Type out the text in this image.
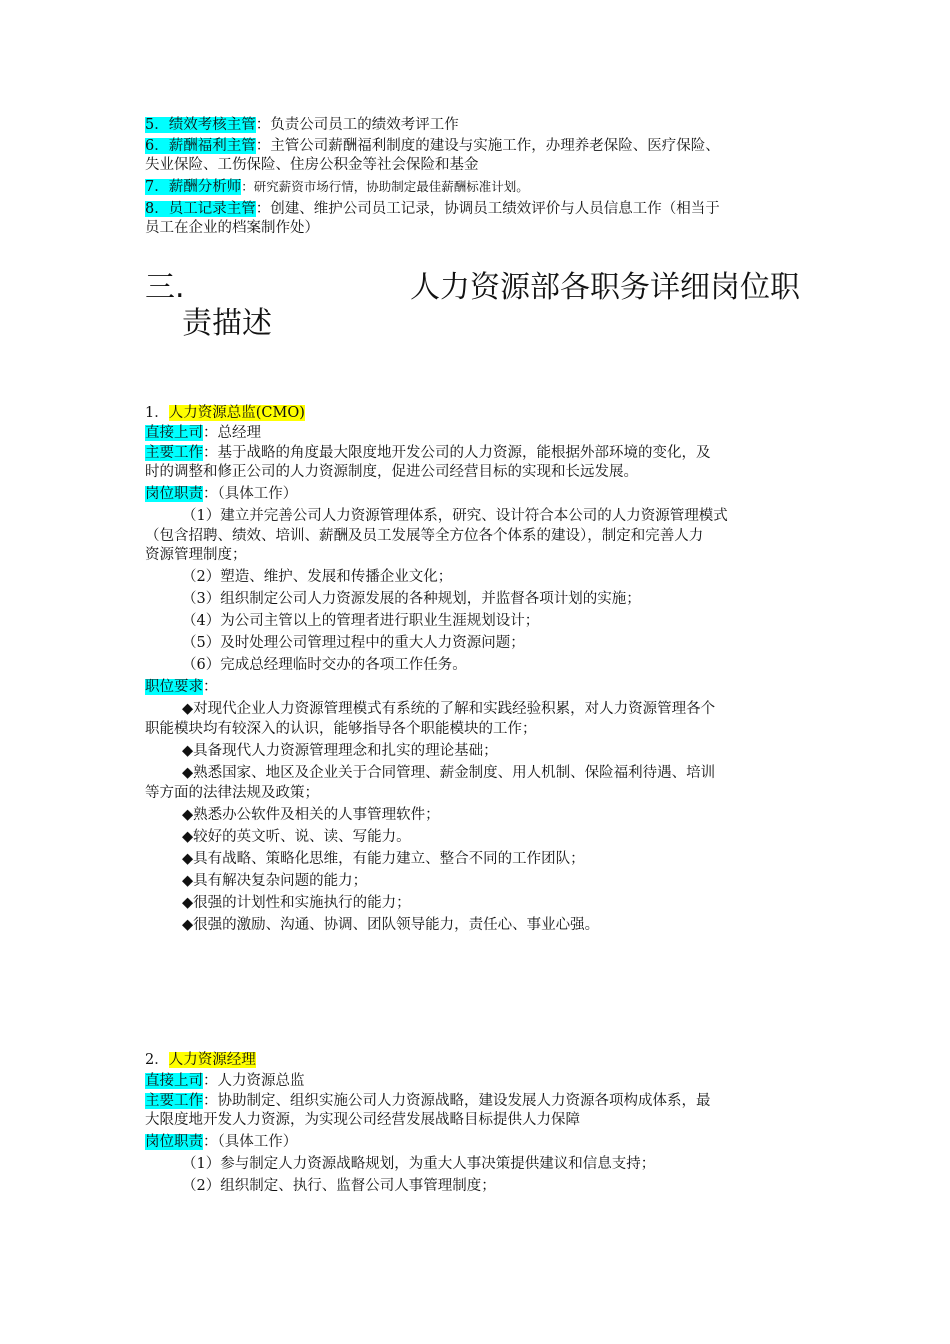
5．绩效考核主管：负责公司员工的绩效考评工作
6．薪酬福利主管：主管公司薪酬福利制度的建设与实施工作，办理养老保险、医疗保险、
失业保险、工伤保险、住房公积金等社会保险和基金
7．薪酬分析师：研究薪资市场行情，协助制定最佳薪酬标准计划。
8．员工记录主管：创建、维护公司员工记录，协调员工绩效评价与人员信息工作（相当于
员工在企业的档案制作处）
三.	人力资源部各职务详细岗位职
责描述
1．人力资源总监(CMO)
直接上司：总经理
主要工作：基于战略的角度最大限度地开发公司的人力资源，能根据外部环境的变化，及
时的调整和修正公司的人力资源制度，促进公司经营目标的实现和长远发展。
岗位职责：（具体工作）
（1）建立并完善公司人力资源管理体系，研究、设计符合本公司的人力资源管理模式
（包含招聘、绩效、培训、薪酬及员工发展等全方位各个体系的建设），制定和完善人力
资源管理制度；
（2）塑造、维护、发展和传播企业文化；
（3）组织制定公司人力资源发展的各种规划，并监督各项计划的实施；
（4）为公司主管以上的管理者进行职业生涯规划设计；
（5）及时处理公司管理过程中的重大人力资源问题；
（6）完成总经理临时交办的各项工作任务。
职位要求：
◆对现代企业人力资源管理模式有系统的了解和实践经验积累，对人力资源管理各个
职能模块均有较深入的认识，能够指导各个职能模块的工作；
◆具备现代人力资源管理理念和扎实的理论基础；
◆熟悉国家、地区及企业关于合同管理、薪金制度、用人机制、保险福利待遇、培训
等方面的法律法规及政策；
◆熟悉办公软件及相关的人事管理软件；
◆较好的英文听、说、读、写能力。
◆具有战略、策略化思维，有能力建立、整合不同的工作团队；
◆具有解决复杂问题的能力；
◆很强的计划性和实施执行的能力；
◆很强的激励、沟通、协调、团队领导能力，责任心、事业心强。
2．人力资源经理
直接上司：人力资源总监
主要工作：协助制定、组织实施公司人力资源战略，建设发展人力资源各项构成体系，最
大限度地开发人力资源，为实现公司经营发展战略目标提供人力保障
岗位职责：（具体工作）
（1）参与制定人力资源战略规划，为重大人事决策提供建议和信息支持；
（2）组织制定、执行、监督公司人事管理制度；
